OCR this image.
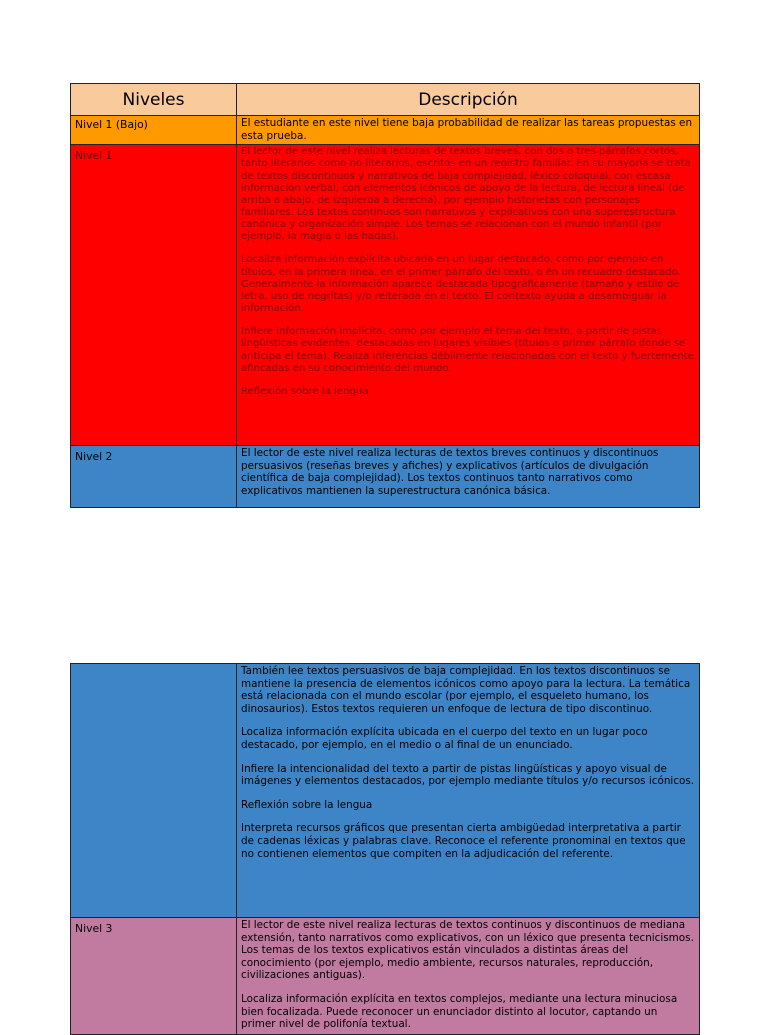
Niveles	Descripción
Nivel 1 (Bajo)	El estudiante en este nivel tiene baja probabilidad de realizar las tareas propuestas en esta prueba.

Nivel 1	El lector de este nivel realiza lecturas de textos breves, con dos o tres párrafos cortos, tanto literarios como no literarios, escritos en un registro familiar. En su mayoría se trata de textos discontinuos y narrativos de baja complejidad, léxico coloquial, con escasa información verbal, con elementos icónicos de apoyo de la lectura, de lectura lineal (de arriba a abajo, de izquierda a derecha), por ejemplo historietas con personajes familiares. Los textos continuos son narrativos y explicativos con una superestructura canónica y organización simple. Los temas se relacionan con el mundo infantil (por ejemplo, la magia o las hadas).
Localiza información explícita ubicada en un lugar destacado, como por ejemplo en títulos, en la primera línea, en el primer párrafo del texto, o en un recuadro destacado. Generalmente la información aparece destacada tipográficamente (tamaño y estilo de letra, uso de negritas) y/o reiterada en el texto. El contexto ayuda a desambiguar la información.
Infiere información implícita, como por ejemplo el tema del texto, a partir de pistas lingüísticas evidentes, destacadas en lugares visibles (títulos o primer párrafo donde se anticipa el tema). Realiza inferencias débilmente relacionadas con el texto y fuertemente afincadas en su conocimiento del mundo.
Reflexión sobre la lengua

Nivel 2	El lector de este nivel realiza lecturas de textos breves continuos y discontinuos persuasivos (reseñas breves y afiches) y explicativos (artículos de divulgación científica de baja complejidad). Los textos continuos tanto narrativos como explicativos mantienen la superestructura canónica básica.

	También lee textos persuasivos de baja complejidad. En los textos discontinuos se mantiene la presencia de elementos icónicos como apoyo para la lectura. La temática está relacionada con el mundo escolar (por ejemplo, el esqueleto humano, los dinosaurios). Estos textos requieren un enfoque de lectura de tipo discontinuo.
Localiza información explícita ubicada en el cuerpo del texto en un lugar poco destacado, por ejemplo, en el medio o al final de un enunciado.
Infiere la intencionalidad del texto a partir de pistas lingüísticas y apoyo visual de imágenes y elementos destacados, por ejemplo mediante títulos y/o recursos icónicos.
Reflexión sobre la lengua
Interpreta recursos gráficos que presentan cierta ambigüedad interpretativa a partir de cadenas léxicas y palabras clave. Reconoce el referente pronominal en textos que no contienen elementos que compiten en la adjudicación del referente.

Nivel 3	El lector de este nivel realiza lecturas de textos continuos y discontinuos de mediana extensión, tanto narrativos como explicativos, con un léxico que presenta tecnicismos. Los temas de los textos explicativos están vinculados a distintas áreas del conocimiento (por ejemplo, medio ambiente, recursos naturales, reproducción, civilizaciones antiguas).
Localiza información explícita en textos complejos, mediante una lectura minuciosa bien focalizada. Puede reconocer un enunciador distinto al locutor, captando un primer nivel de polifonía textual.
